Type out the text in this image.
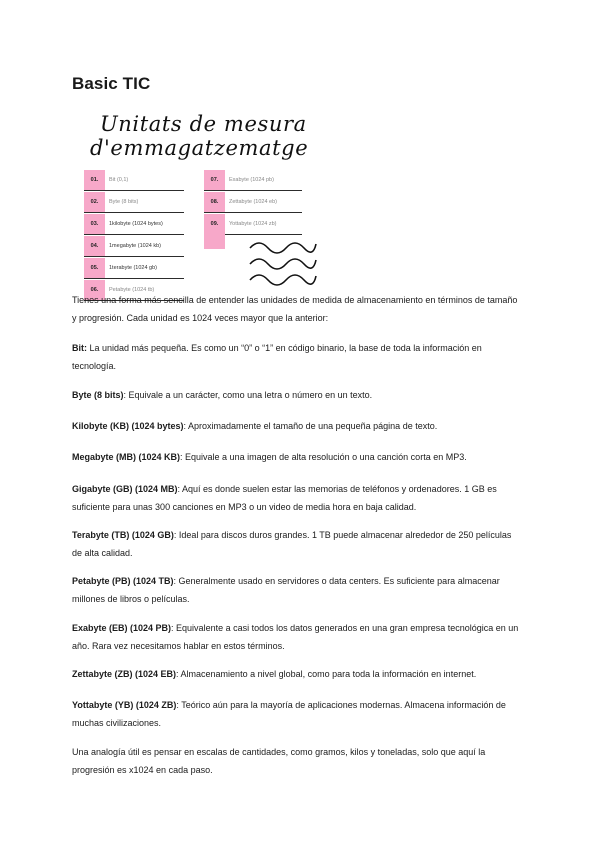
Basic TIC
Unitats de mesura
d'emmagatzematge
01.	Bit (0,1)
02.	Byte (8 bits)
03.	1kilobyte (1024 bytes)
04.	1megabyte (1024 kb)
05.	1terabyte (1024 gb)
06.	Petabyte (1024 tb)
07.	Exabyte (1024 pb)
08.	Zettabyte (1024 eb)
09.	Yottabyte (1024 zb)

Tienes una forma más sencilla de entender las unidades de medida de almacenamiento en términos de tamaño y progresión. Cada unidad es 1024 veces mayor que la anterior:

Bit: La unidad más pequeña. Es como un “0” o “1” en código binario, la base de toda la información en tecnología.

Byte (8 bits): Equivale a un carácter, como una letra o número en un texto.

Kilobyte (KB) (1024 bytes): Aproximadamente el tamaño de una pequeña página de texto.

Megabyte (MB) (1024 KB): Equivale a una imagen de alta resolución o una canción corta en MP3.

Gigabyte (GB) (1024 MB): Aquí es donde suelen estar las memorias de teléfonos y ordenadores. 1 GB es suficiente para unas 300 canciones en MP3 o un video de media hora en baja calidad.

Terabyte (TB) (1024 GB): Ideal para discos duros grandes. 1 TB puede almacenar alrededor de 250 películas de alta calidad.

Petabyte (PB) (1024 TB): Generalmente usado en servidores o data centers. Es suficiente para almacenar millones de libros o películas.

Exabyte (EB) (1024 PB): Equivalente a casi todos los datos generados en una gran empresa tecnológica en un año. Rara vez necesitamos hablar en estos términos.

Zettabyte (ZB) (1024 EB): Almacenamiento a nivel global, como para toda la información en internet.

Yottabyte (YB) (1024 ZB): Teórico aún para la mayoría de aplicaciones modernas. Almacena información de muchas civilizaciones.

Una analogía útil es pensar en escalas de cantidades, como gramos, kilos y toneladas, solo que aquí la progresión es x1024 en cada paso.
